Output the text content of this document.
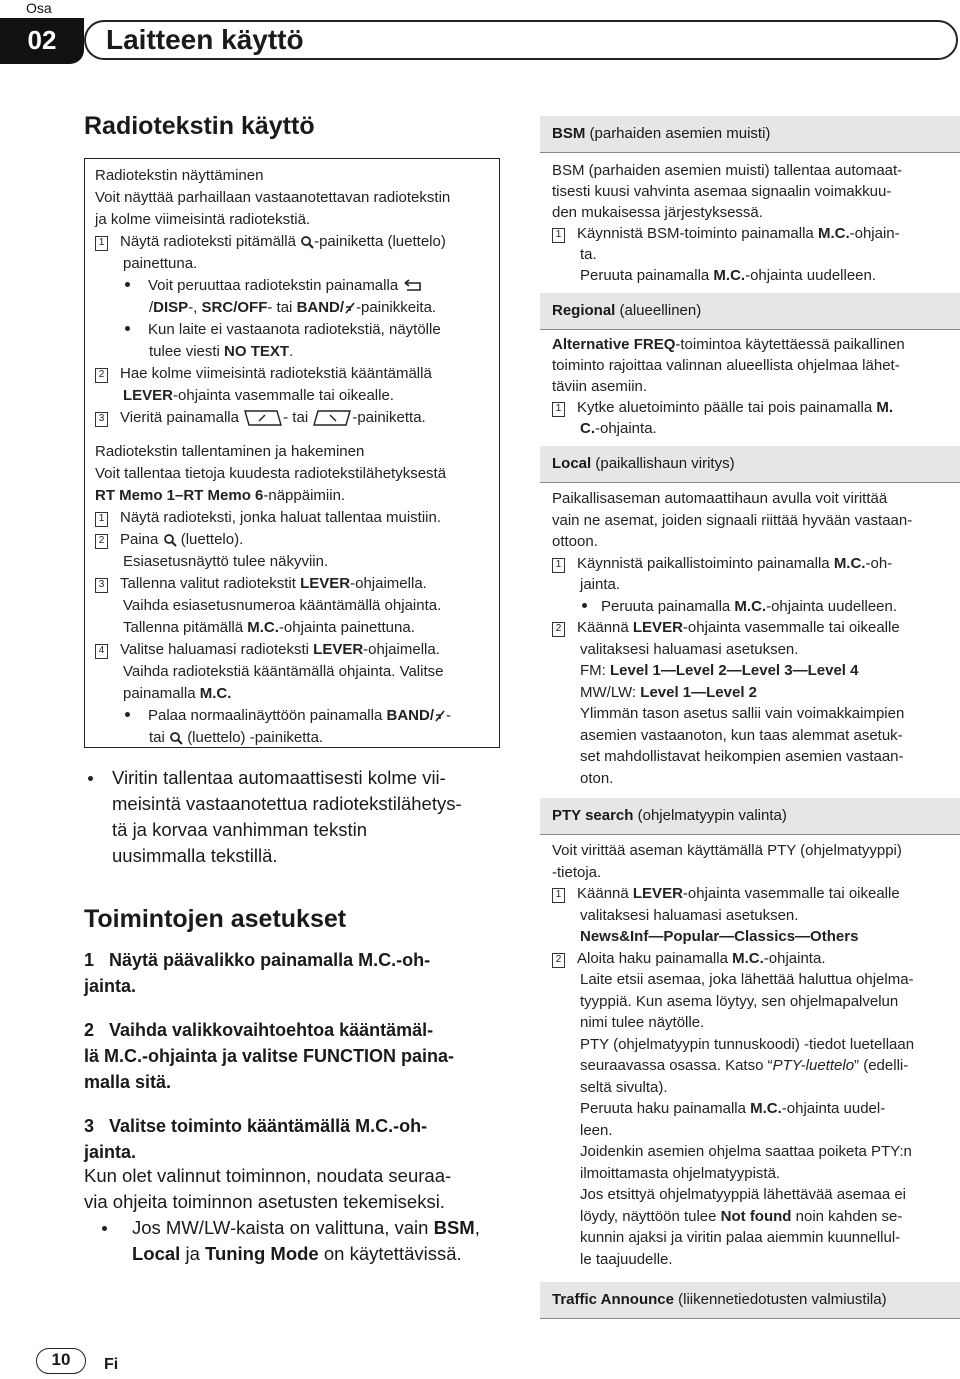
Osa
02	Laitteen käyttö
Radiotekstin käyttö
Radiotekstin näyttäminen
Voit näyttää parhaillaan vastaanotettavan radiotekstin
ja kolme viimeisintä radiotekstiä.
1 Näytä radioteksti pitämällä -painiketta (luettelo)
painettuna.
Voit peruuttaa radiotekstin painamalla
/DISP-, SRC/OFF- tai BAND/ -painikkeita.
Kun laite ei vastaanota radiotekstiä, näytölle
tulee viesti NO TEXT.
2 Hae kolme viimeisintä radiotekstiä kääntämällä
LEVER-ohjainta vasemmalle tai oikealle.
3 Vieritä painamalla	- tai	-painiketta.
Radiotekstin tallentaminen ja hakeminen
Voit tallentaa tietoja kuudesta radiotekstilähetyksestä
RT Memo 1–RT Memo 6-näppäimiin.
1 Näytä radioteksti, jonka haluat tallentaa muistiin.
2 Paina (luettelo).
Esiasetusnäyttö tulee näkyviin.
3 Tallenna valitut radiotekstit LEVER-ohjaimella.
Vaihda esiasetusnumeroa kääntämällä ohjainta.
Tallenna pitämällä M.C.-ohjainta painettuna.
4 Valitse haluamasi radioteksti LEVER-ohjaimella.
Vaihda radiotekstiä kääntämällä ohjainta. Valitse
painamalla M.C.
Palaa normaalinäyttöön painamalla BAND/ -
tai (luettelo) -painiketta.
Viritin tallentaa automaattisesti kolme vii-
meisintä vastaanotettua radiotekstilähetys-
tä ja korvaa vanhimman tekstin
uusimmalla tekstillä.
Toimintojen asetukset
1   Näytä päävalikko painamalla M.C.-oh-
jainta.
2   Vaihda valikkovaihtoehtoa kääntämäl-
lä M.C.-ohjainta ja valitse FUNCTION paina-
malla sitä.
3   Valitse toiminto kääntämällä M.C.-oh-
jainta.
Kun olet valinnut toiminnon, noudata seuraa-
via ohjeita toiminnon asetusten tekemiseksi.
Jos MW/LW-kaista on valittuna, vain BSM,
Local ja Tuning Mode on käytettävissä.
BSM (parhaiden asemien muisti)
BSM (parhaiden asemien muisti) tallentaa automaat-
tisesti kuusi vahvinta asemaa signaalin voimakkuu-
den mukaisessa järjestyksessä.
1 Käynnistä BSM-toiminto painamalla M.C.-ohjain-
ta.
Peruuta painamalla M.C.-ohjainta uudelleen.
Regional (alueellinen)
Alternative FREQ-toimintoa käytettäessä paikallinen
toiminto rajoittaa valinnan alueellista ohjelmaa lähet-
täviin asemiin.
1 Kytke aluetoiminto päälle tai pois painamalla M.
C.-ohjainta.
Local (paikallishaun viritys)
Paikallisaseman automaattihaun avulla voit virittää
vain ne asemat, joiden signaali riittää hyvään vastaan-
ottoon.
1 Käynnistä paikallistoiminto painamalla M.C.-oh-
jainta.
Peruuta painamalla M.C.-ohjainta uudelleen.
2 Käännä LEVER-ohjainta vasemmalle tai oikealle
valitaksesi haluamasi asetuksen.
FM: Level 1—Level 2—Level 3—Level 4
MW/LW: Level 1—Level 2
Ylimmän tason asetus sallii vain voimakkaimpien
asemien vastaanoton, kun taas alemmat asetuk-
set mahdollistavat heikompien asemien vastaan-
oton.
PTY search (ohjelmatyypin valinta)
Voit virittää aseman käyttämällä PTY (ohjelmatyyppi)
-tietoja.
1 Käännä LEVER-ohjainta vasemmalle tai oikealle
valitaksesi haluamasi asetuksen.
News&Inf—Popular—Classics—Others
2 Aloita haku painamalla M.C.-ohjainta.
Laite etsii asemaa, joka lähettää haluttua ohjelma-
tyyppiä. Kun asema löytyy, sen ohjelmapalvelun
nimi tulee näytölle.
PTY (ohjelmatyypin tunnuskoodi) -tiedot luetellaan
seuraavassa osassa. Katso “PTY-luettelo” (edelli-
seltä sivulta).
Peruuta haku painamalla M.C.-ohjainta uudel-
leen.
Joidenkin asemien ohjelma saattaa poiketa PTY:n
ilmoittamasta ohjelmatyypistä.
Jos etsittyä ohjelmatyyppiä lähettävää asemaa ei
löydy, näyttöön tulee Not found noin kahden se-
kunnin ajaksi ja viritin palaa aiemmin kuunnellul-
le taajuudelle.
Traffic Announce (liikennetiedotusten valmiustila)
10	Fi
